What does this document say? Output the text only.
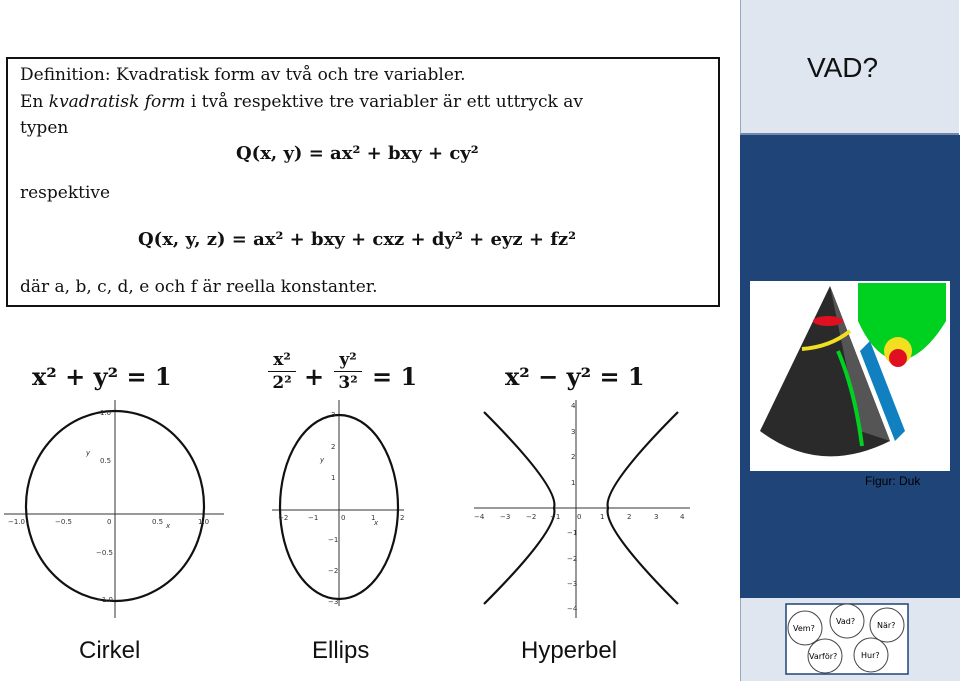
Definition: Kvadratisk form av två och tre variabler.
En kvadratisk form i två respektive tre variabler är ett uttryck av
typen
Q(x, y) = ax² + bxy + cy²
respektive
Q(x, y, z) = ax² + bxy + cxz + dy² + eyz + fz²
där a, b, c, d, e och f är reella konstanter.
x² + y² = 1
x²
2² +
y²
3² = 1	x² − y² = 1
−1.0	−0.5	0	0.5	1.0
1.0
0.5
−0.5
−1.0
x
y
−2	−1	0	1	2
3
2
1
−1
−2
−3
x
y
−4 −3 −2 −1 0	1	2	3	4
4
3
2
1
−1
−2
−3
−4
Cirkel	Ellips	Hyperbel
VAD?
Figur: Duk
Vem?
Vad?	När?
Varför?	Hur?
